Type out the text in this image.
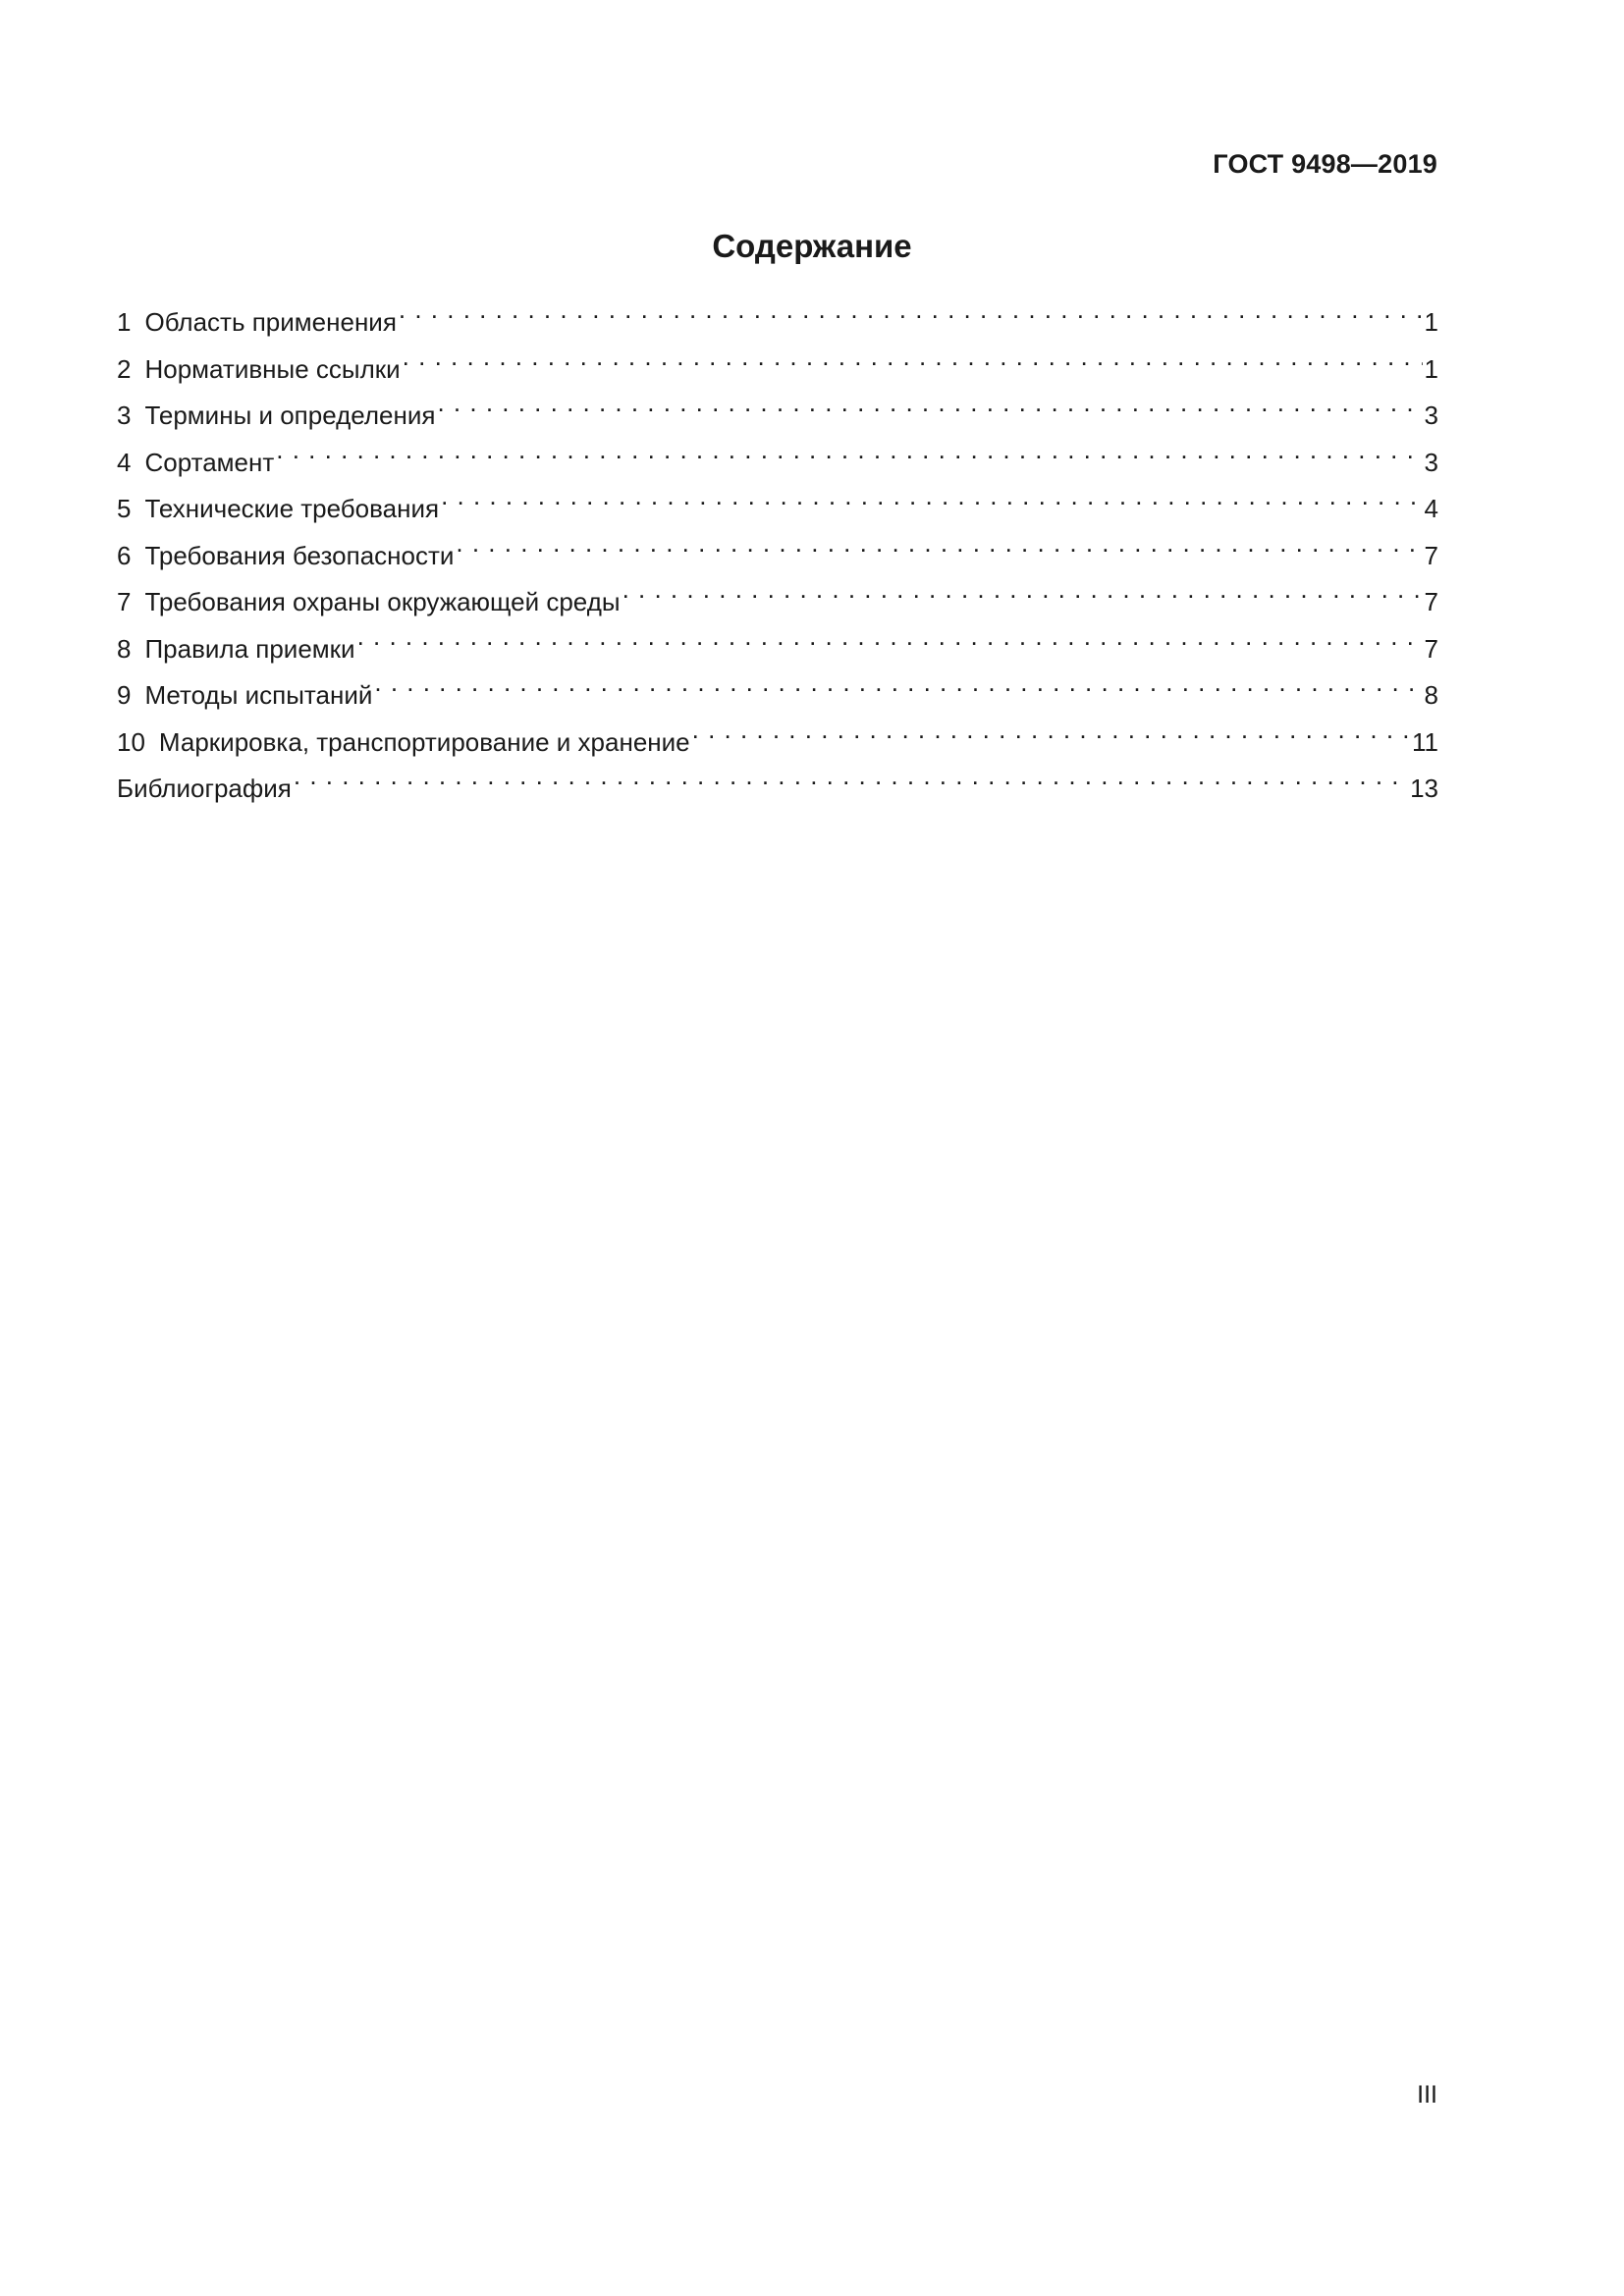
ГОСТ 9498—2019
Содержание
1 Область применения . . .	1
2 Нормативные ссылки . . .	1
3 Термины и определения . . .	3
4 Сортамент . . .	3
5 Технические требования . . .	4
6 Требования безопасности . . .	7
7 Требования охраны окружающей среды . . .	7
8 Правила приемки . . .	7
9 Методы испытаний . . .	8
10 Маркировка, транспортирование и хранение . . .	11
Библиография . . .	13
III
